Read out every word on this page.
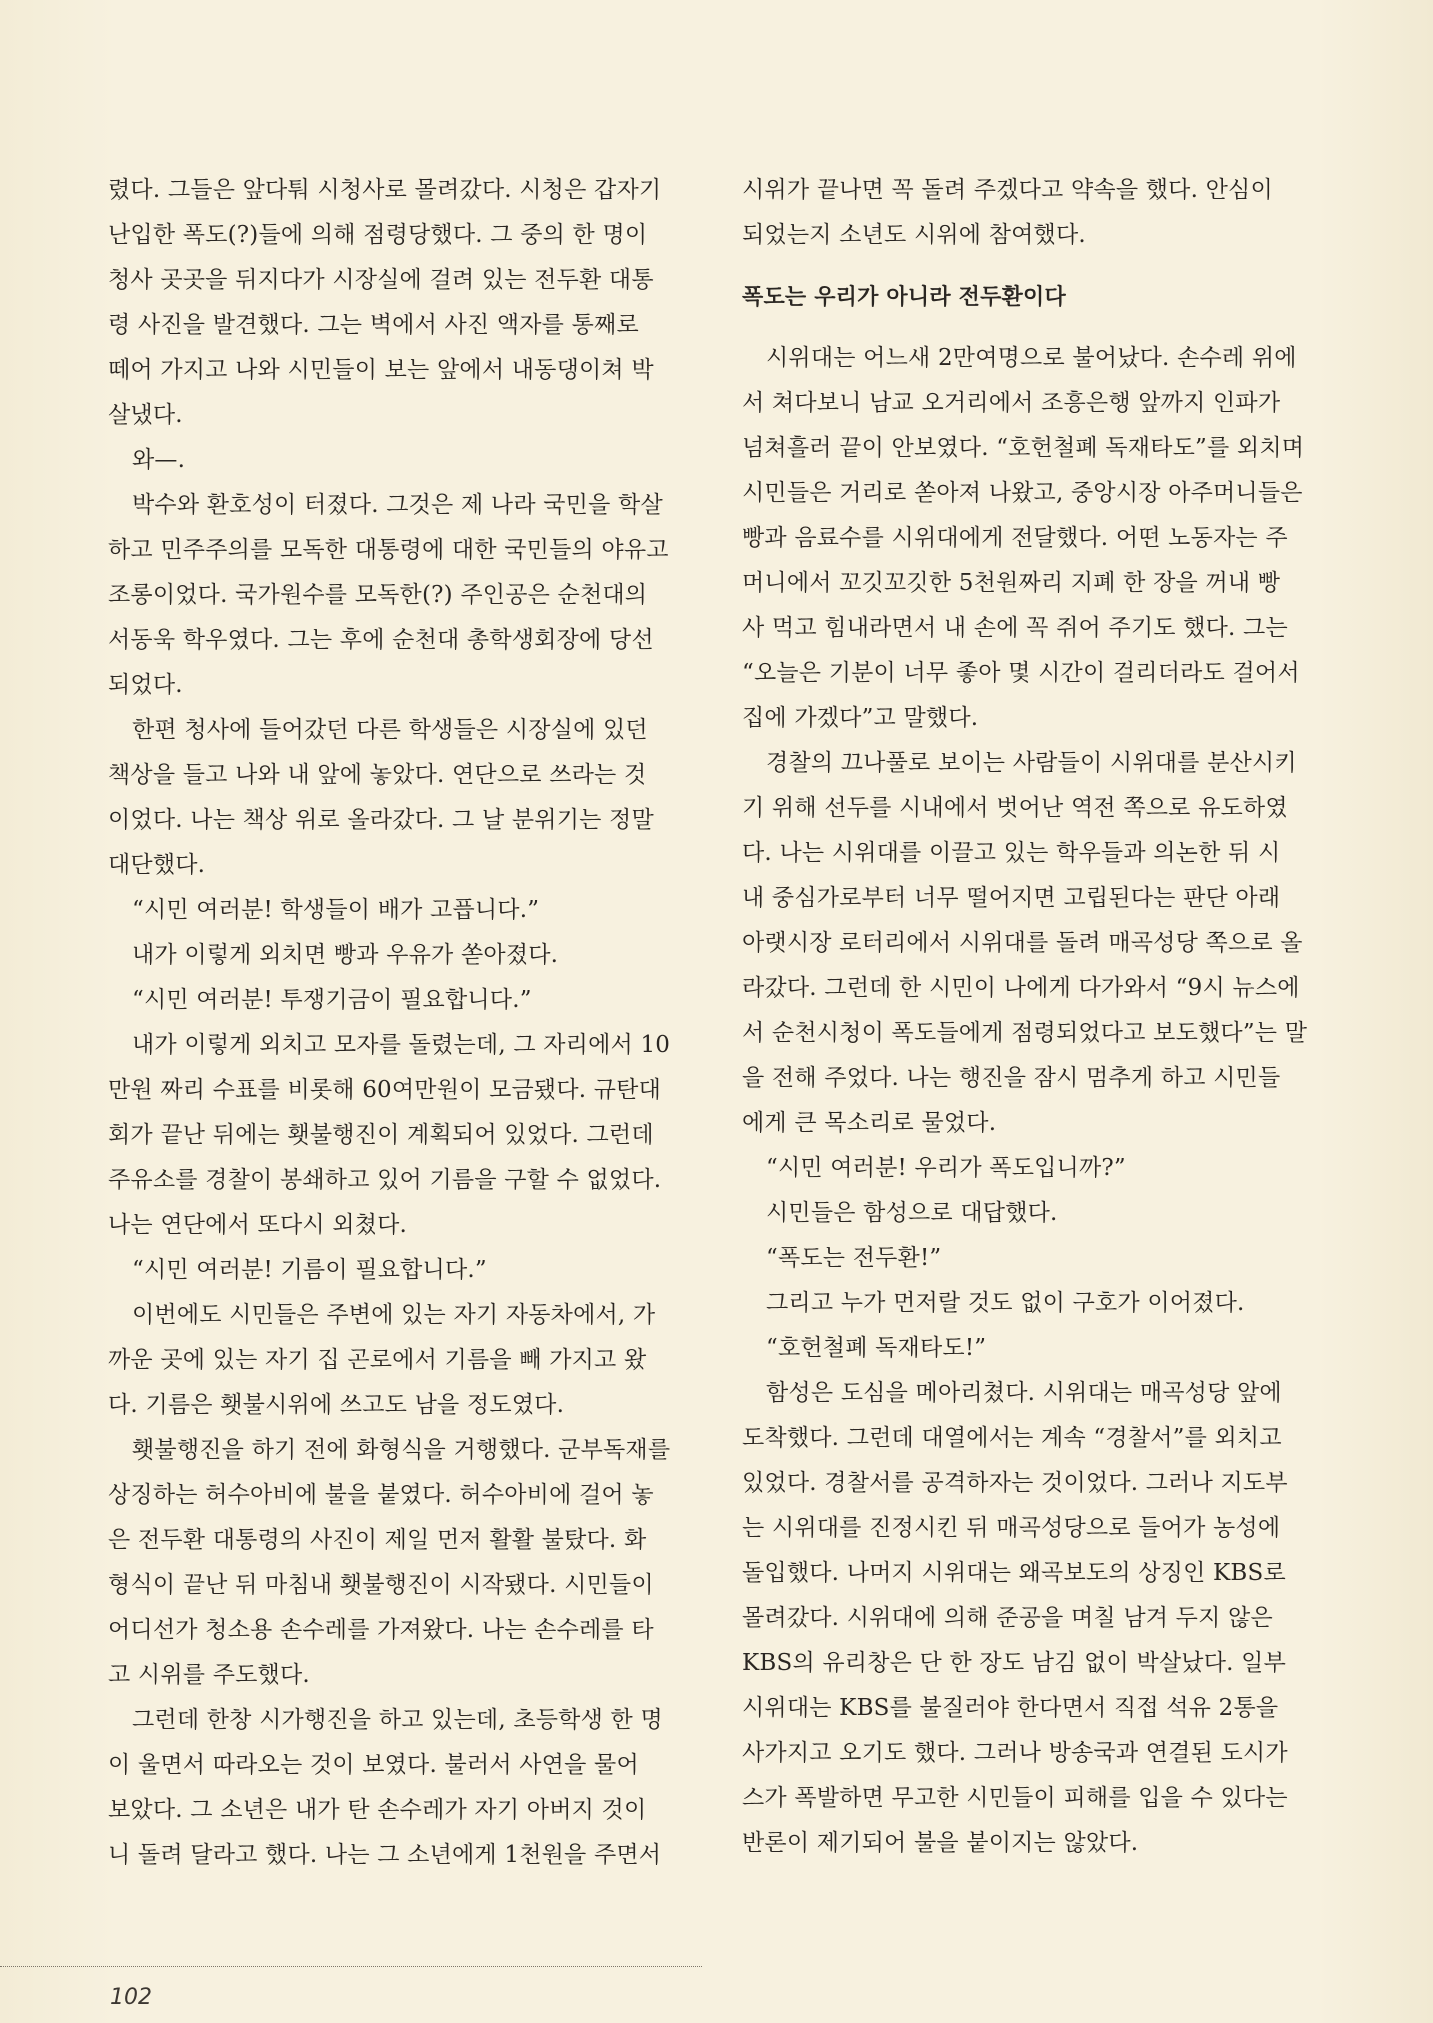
렸다. 그들은 앞다퉈 시청사로 몰려갔다. 시청은 갑자기
난입한 폭도(?)들에 의해 점령당했다. 그 중의 한 명이
청사 곳곳을 뒤지다가 시장실에 걸려 있는 전두환 대통
령 사진을 발견했다. 그는 벽에서 사진 액자를 통째로
떼어 가지고 나와 시민들이 보는 앞에서 내동댕이쳐 박
살냈다.
와—.
박수와 환호성이 터졌다. 그것은 제 나라 국민을 학살
하고 민주주의를 모독한 대통령에 대한 국민들의 야유고
조롱이었다. 국가원수를 모독한(?) 주인공은 순천대의
서동욱 학우였다. 그는 후에 순천대 총학생회장에 당선
되었다.
한편 청사에 들어갔던 다른 학생들은 시장실에 있던
책상을 들고 나와 내 앞에 놓았다. 연단으로 쓰라는 것
이었다. 나는 책상 위로 올라갔다. 그 날 분위기는 정말
대단했다.
“시민 여러분! 학생들이 배가 고픕니다.”
내가 이렇게 외치면 빵과 우유가 쏟아졌다.
“시민 여러분! 투쟁기금이 필요합니다.”
내가 이렇게 외치고 모자를 돌렸는데, 그 자리에서 10
만원 짜리 수표를 비롯해 60여만원이 모금됐다. 규탄대
회가 끝난 뒤에는 횃불행진이 계획되어 있었다. 그런데
주유소를 경찰이 봉쇄하고 있어 기름을 구할 수 없었다.
나는 연단에서 또다시 외쳤다.
“시민 여러분! 기름이 필요합니다.”
이번에도 시민들은 주변에 있는 자기 자동차에서, 가
까운 곳에 있는 자기 집 곤로에서 기름을 빼 가지고 왔
다. 기름은 횃불시위에 쓰고도 남을 정도였다.
횃불행진을 하기 전에 화형식을 거행했다. 군부독재를
상징하는 허수아비에 불을 붙였다. 허수아비에 걸어 놓
은 전두환 대통령의 사진이 제일 먼저 활활 불탔다. 화
형식이 끝난 뒤 마침내 횃불행진이 시작됐다. 시민들이
어디선가 청소용 손수레를 가져왔다. 나는 손수레를 타
고 시위를 주도했다.
그런데 한창 시가행진을 하고 있는데, 초등학생 한 명
이 울면서 따라오는 것이 보였다. 불러서 사연을 물어
보았다. 그 소년은 내가 탄 손수레가 자기 아버지 것이
니 돌려 달라고 했다. 나는 그 소년에게 1천원을 주면서
시위가 끝나면 꼭 돌려 주겠다고 약속을 했다. 안심이
되었는지 소년도 시위에 참여했다.
폭도는 우리가 아니라 전두환이다
시위대는 어느새 2만여명으로 불어났다. 손수레 위에
서 쳐다보니 남교 오거리에서 조흥은행 앞까지 인파가
넘쳐흘러 끝이 안보였다. “호헌철폐 독재타도”를 외치며
시민들은 거리로 쏟아져 나왔고, 중앙시장 아주머니들은
빵과 음료수를 시위대에게 전달했다. 어떤 노동자는 주
머니에서 꼬깃꼬깃한 5천원짜리 지폐 한 장을 꺼내 빵
사 먹고 힘내라면서 내 손에 꼭 쥐어 주기도 했다. 그는
“오늘은 기분이 너무 좋아 몇 시간이 걸리더라도 걸어서
집에 가겠다”고 말했다.
경찰의 끄나풀로 보이는 사람들이 시위대를 분산시키
기 위해 선두를 시내에서 벗어난 역전 쪽으로 유도하였
다. 나는 시위대를 이끌고 있는 학우들과 의논한 뒤 시
내 중심가로부터 너무 떨어지면 고립된다는 판단 아래
아랫시장 로터리에서 시위대를 돌려 매곡성당 쪽으로 올
라갔다. 그런데 한 시민이 나에게 다가와서 “9시 뉴스에
서 순천시청이 폭도들에게 점령되었다고 보도했다”는 말
을 전해 주었다. 나는 행진을 잠시 멈추게 하고 시민들
에게 큰 목소리로 물었다.
“시민 여러분! 우리가 폭도입니까?”
시민들은 함성으로 대답했다.
“폭도는 전두환!”
그리고 누가 먼저랄 것도 없이 구호가 이어졌다.
“호헌철폐 독재타도!”
함성은 도심을 메아리쳤다. 시위대는 매곡성당 앞에
도착했다. 그런데 대열에서는 계속 “경찰서”를 외치고
있었다. 경찰서를 공격하자는 것이었다. 그러나 지도부
는 시위대를 진정시킨 뒤 매곡성당으로 들어가 농성에
돌입했다. 나머지 시위대는 왜곡보도의 상징인 KBS로
몰려갔다. 시위대에 의해 준공을 며칠 남겨 두지 않은
KBS의 유리창은 단 한 장도 남김 없이 박살났다. 일부
시위대는 KBS를 불질러야 한다면서 직접 석유 2통을
사가지고 오기도 했다. 그러나 방송국과 연결된 도시가
스가 폭발하면 무고한 시민들이 피해를 입을 수 있다는
반론이 제기되어 불을 붙이지는 않았다.
102
